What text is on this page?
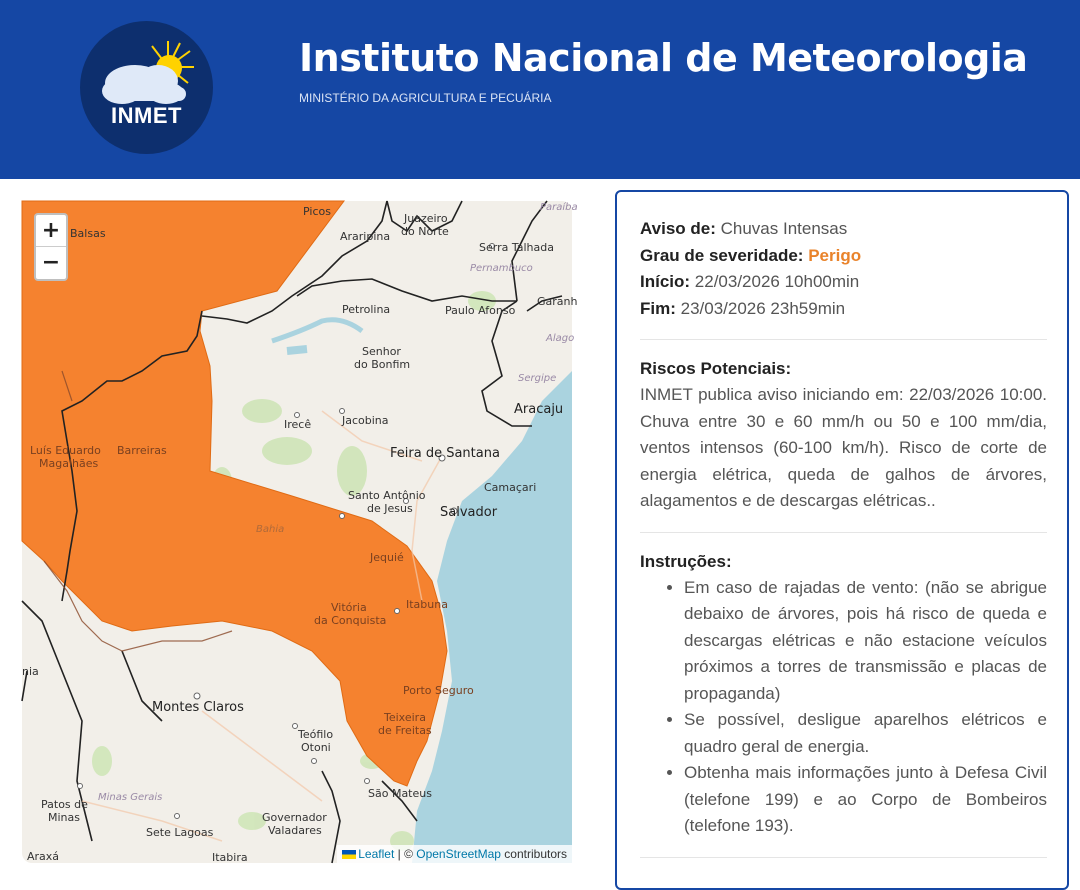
INMET
Instituto Nacional de Meteorologia
MINISTÉRIO DA AGRICULTURA E PECUÁRIA
Picos
Juazeiro
do Norte
Paraíba
Balsas	Araripina
Serra Talhada
Pernambuco
Garanh
Petrolina	Paulo Afonso
Alago
Senhor
do Bonfim
Sergipe
Aracaju
Irecê	Jacobina
Luís Eduardo
Magalhães
Barreiras	Feira de Santana
Camaçari
Santo Antônio
de Jesus Salvador
Bahia
Jequié
Vitória
da Conquista
Itabuna
nia
Porto Seguro
Montes Claros
Teixeira
de Freitas
Teófilo
Otoni
Minas Gerais	São Mateus
Patos de
Minas	Governador
Valadares
Sete Lagoas
Araxá	Itabira
+
−
Leaflet | © OpenStreetMap contributors
Aviso de: Chuvas Intensas
Grau de severidade: Perigo
Início: 22/03/2026 10h00min
Fim: 23/03/2026 23h59min
Riscos Potenciais:
INMET publica aviso iniciando em: 22/03/2026 10:00. Chuva entre 30 e 60 mm/h ou 50 e 100 mm/dia, ventos intensos (60-100 km/h). Risco de corte de energia elétrica, queda de galhos de árvores, alagamentos e de descargas elétricas..
Instruções:
• Em caso de rajadas de vento: (não se abrigue debaixo de árvores, pois há risco de queda e descargas elétricas e não estacione veículos próximos a torres de transmissão e placas de propaganda)
• Se possível, desligue aparelhos elétricos e quadro geral de energia.
• Obtenha mais informações junto à Defesa Civil (telefone 199) e ao Corpo de Bombeiros (telefone 193).
